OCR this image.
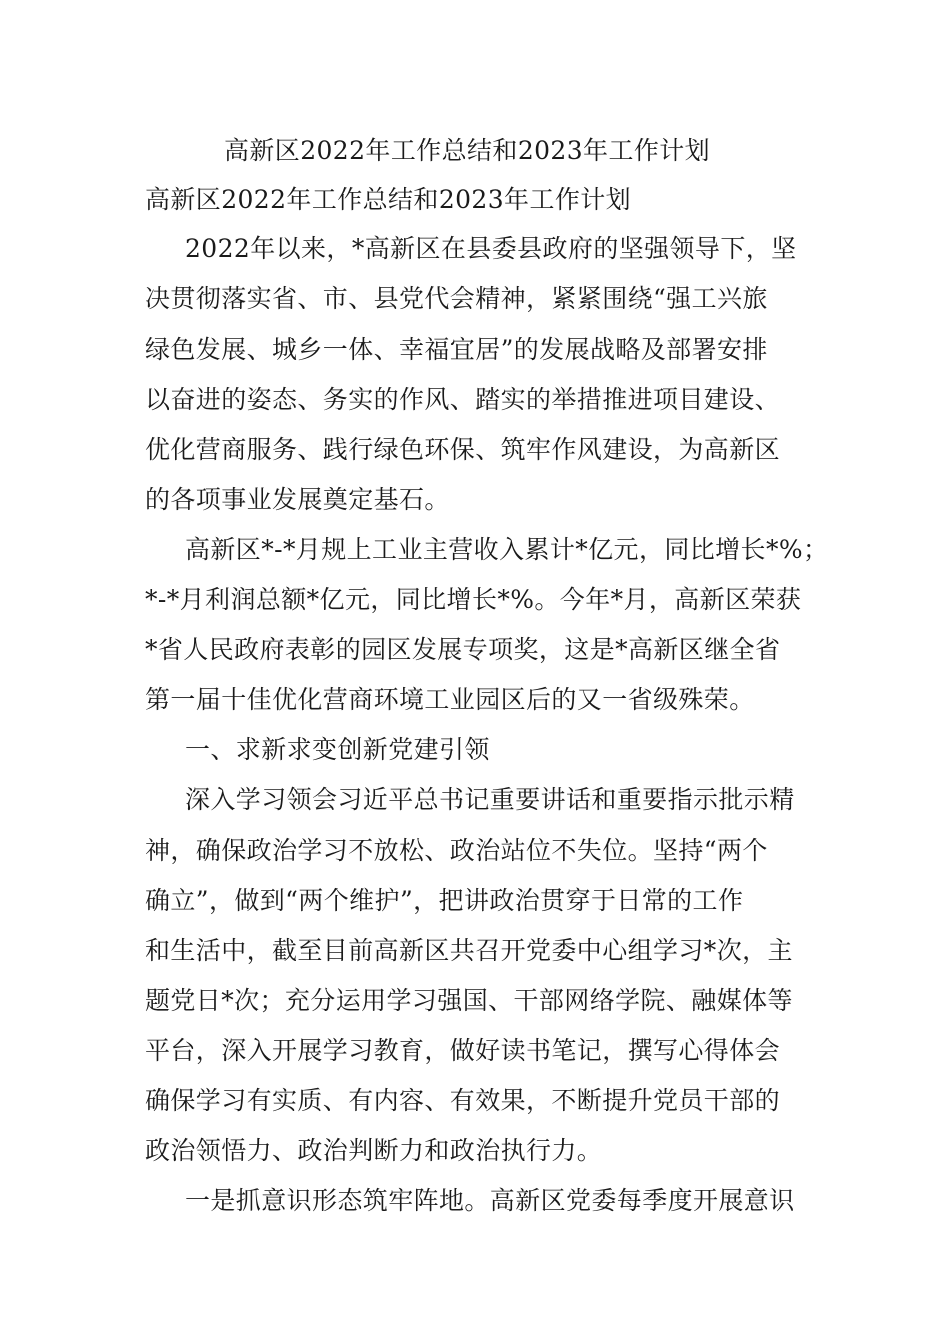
高新区2022年工作总结和2023年工作计划
高新区2022年工作总结和2023年工作计划
2022年以来，*高新区在县委县政府的坚强领导下，坚
决贯彻落实省、市、县党代会精神，紧紧围绕“强工兴旅
绿色发展、城乡一体、幸福宜居”的发展战略及部署安排
以奋进的姿态、务实的作风、踏实的举措推进项目建设、
优化营商服务、践行绿色环保、筑牢作风建设，为高新区
的各项事业发展奠定基石。
高新区*-*月规上工业主营收入累计*亿元，同比增长*%；
*-*月利润总额*亿元，同比增长*%。今年*月，高新区荣获
*省人民政府表彰的园区发展专项奖，这是*高新区继全省
第一届十佳优化营商环境工业园区后的又一省级殊荣。
一、求新求变创新党建引领
深入学习领会习近平总书记重要讲话和重要指示批示精
神，确保政治学习不放松、政治站位不失位。坚持“两个
确立”，做到“两个维护”，把讲政治贯穿于日常的工作
和生活中，截至目前高新区共召开党委中心组学习*次，主
题党日*次；充分运用学习强国、干部网络学院、融媒体等
平台，深入开展学习教育，做好读书笔记，撰写心得体会
确保学习有实质、有内容、有效果，不断提升党员干部的
政治领悟力、政治判断力和政治执行力。
一是抓意识形态筑牢阵地。高新区党委每季度开展意识
